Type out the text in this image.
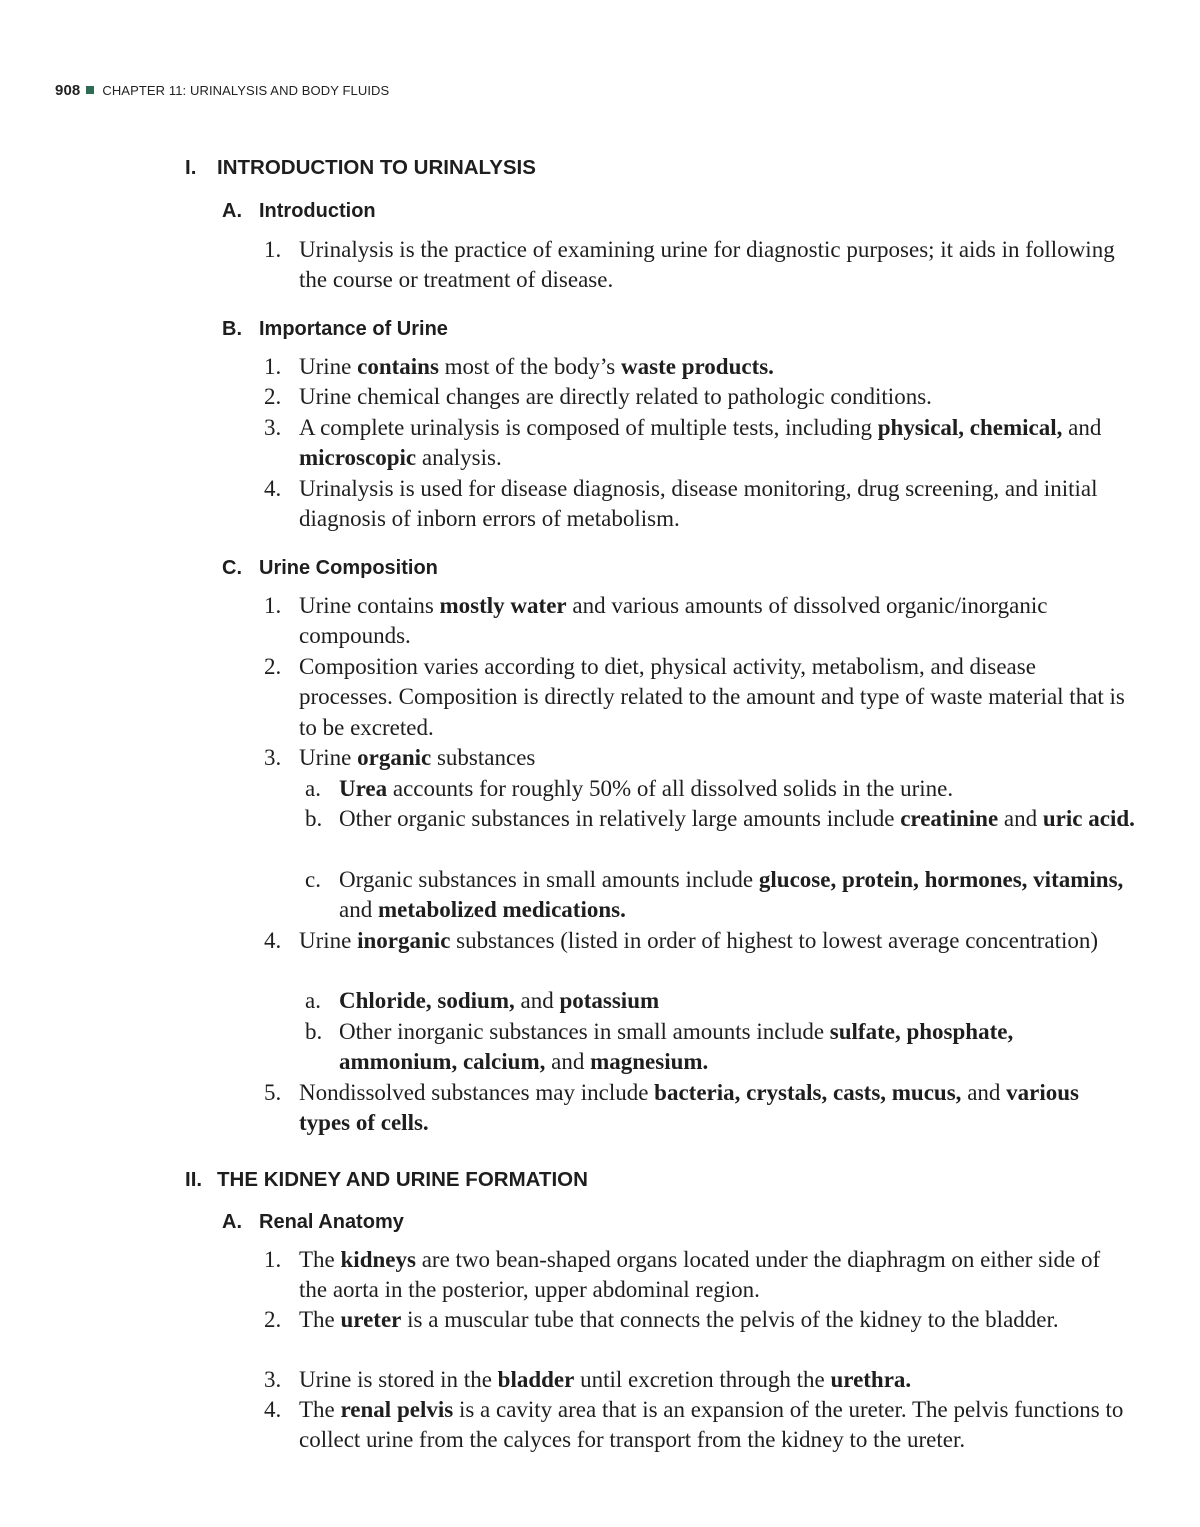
908 CHAPTER 11: URINALYSIS AND BODY FLUIDS
I. INTRODUCTION TO URINALYSIS
A. Introduction
1. Urinalysis is the practice of examining urine for diagnostic purposes; it aids in following the course or treatment of disease.
B. Importance of Urine
1. Urine contains most of the body’s waste products.
2. Urine chemical changes are directly related to pathologic conditions.
3. A complete urinalysis is composed of multiple tests, including physical, chemical, and microscopic analysis.
4. Urinalysis is used for disease diagnosis, disease monitoring, drug screening, and initial diagnosis of inborn errors of metabolism.
C. Urine Composition
1. Urine contains mostly water and various amounts of dissolved organic/inorganic compounds.
2. Composition varies according to diet, physical activity, metabolism, and disease processes. Composition is directly related to the amount and type of waste material that is to be excreted.
3. Urine organic substances
a. Urea accounts for roughly 50% of all dissolved solids in the urine.
b. Other organic substances in relatively large amounts include creatinine and uric acid.
c. Organic substances in small amounts include glucose, protein, hormones, vitamins, and metabolized medications.
4. Urine inorganic substances (listed in order of highest to lowest average concentration)
a. Chloride, sodium, and potassium
b. Other inorganic substances in small amounts include sulfate, phosphate, ammonium, calcium, and magnesium.
5. Nondissolved substances may include bacteria, crystals, casts, mucus, and various types of cells.
II. THE KIDNEY AND URINE FORMATION
A. Renal Anatomy
1. The kidneys are two bean-shaped organs located under the diaphragm on either side of the aorta in the posterior, upper abdominal region.
2. The ureter is a muscular tube that connects the pelvis of the kidney to the bladder.
3. Urine is stored in the bladder until excretion through the urethra.
4. The renal pelvis is a cavity area that is an expansion of the ureter. The pelvis functions to collect urine from the calyces for transport from the kidney to the ureter.
